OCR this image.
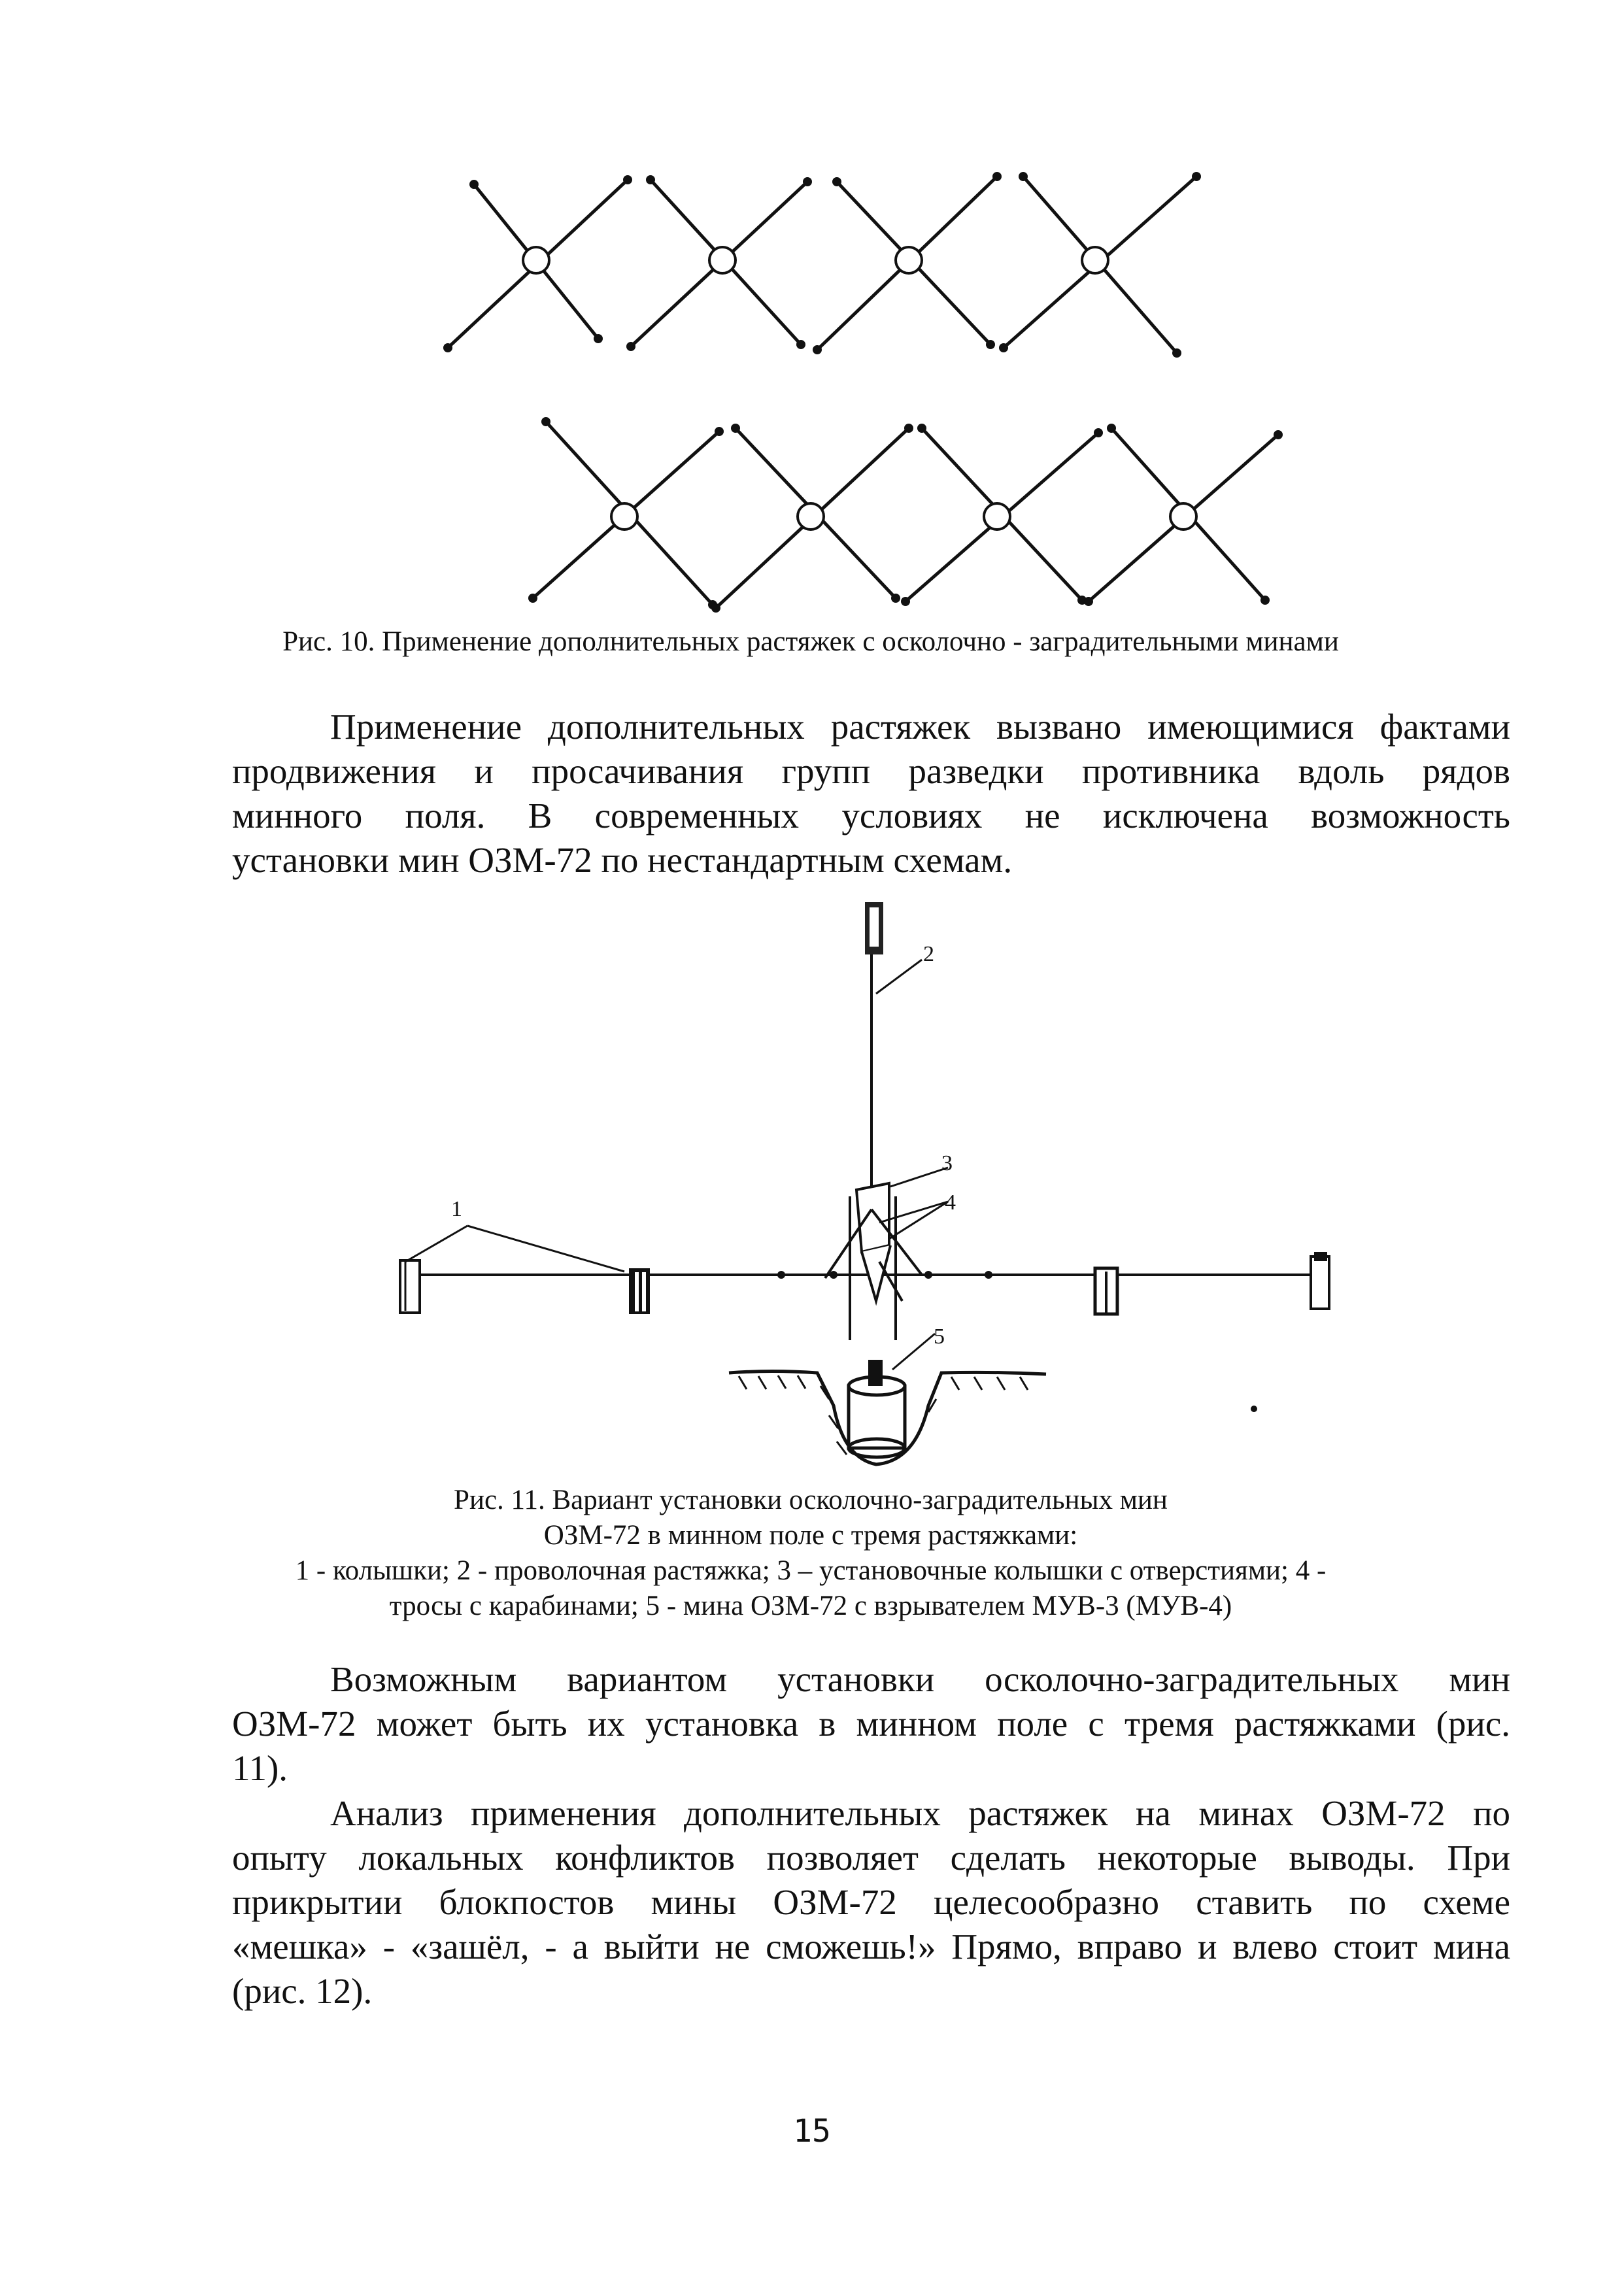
Рис. 10. Применение дополнительных растяжек с осколочно - заградительными минами
Применение дополнительных растяжек вызвано имеющимися фактами
продвижения и просачивания групп разведки противника вдоль рядов
минного поля. В современных условиях не исключена возможность
установки мин ОЗМ-72 по нестандартным схемам.
1
2
3
4
5
Рис. 11. Вариант установки осколочно-заградительных мин
ОЗМ-72 в минном поле с тремя растяжками:
1 - колышки; 2 - проволочная растяжка; 3 – установочные колышки с отверстиями; 4 -
тросы с карабинами; 5 - мина ОЗМ-72 с взрывателем МУВ-3 (МУВ-4)
Возможным вариантом установки осколочно-заградительных мин
ОЗМ-72 может быть их установка в минном поле с тремя растяжками (рис.
11).
Анализ применения дополнительных растяжек на минах ОЗМ-72 по
опыту локальных конфликтов позволяет сделать некоторые выводы. При
прикрытии блокпостов мины ОЗМ-72 целесообразно ставить по схеме
«мешка» - «зашёл, - а выйти не сможешь!» Прямо, вправо и влево стоит мина
(рис. 12).
15
